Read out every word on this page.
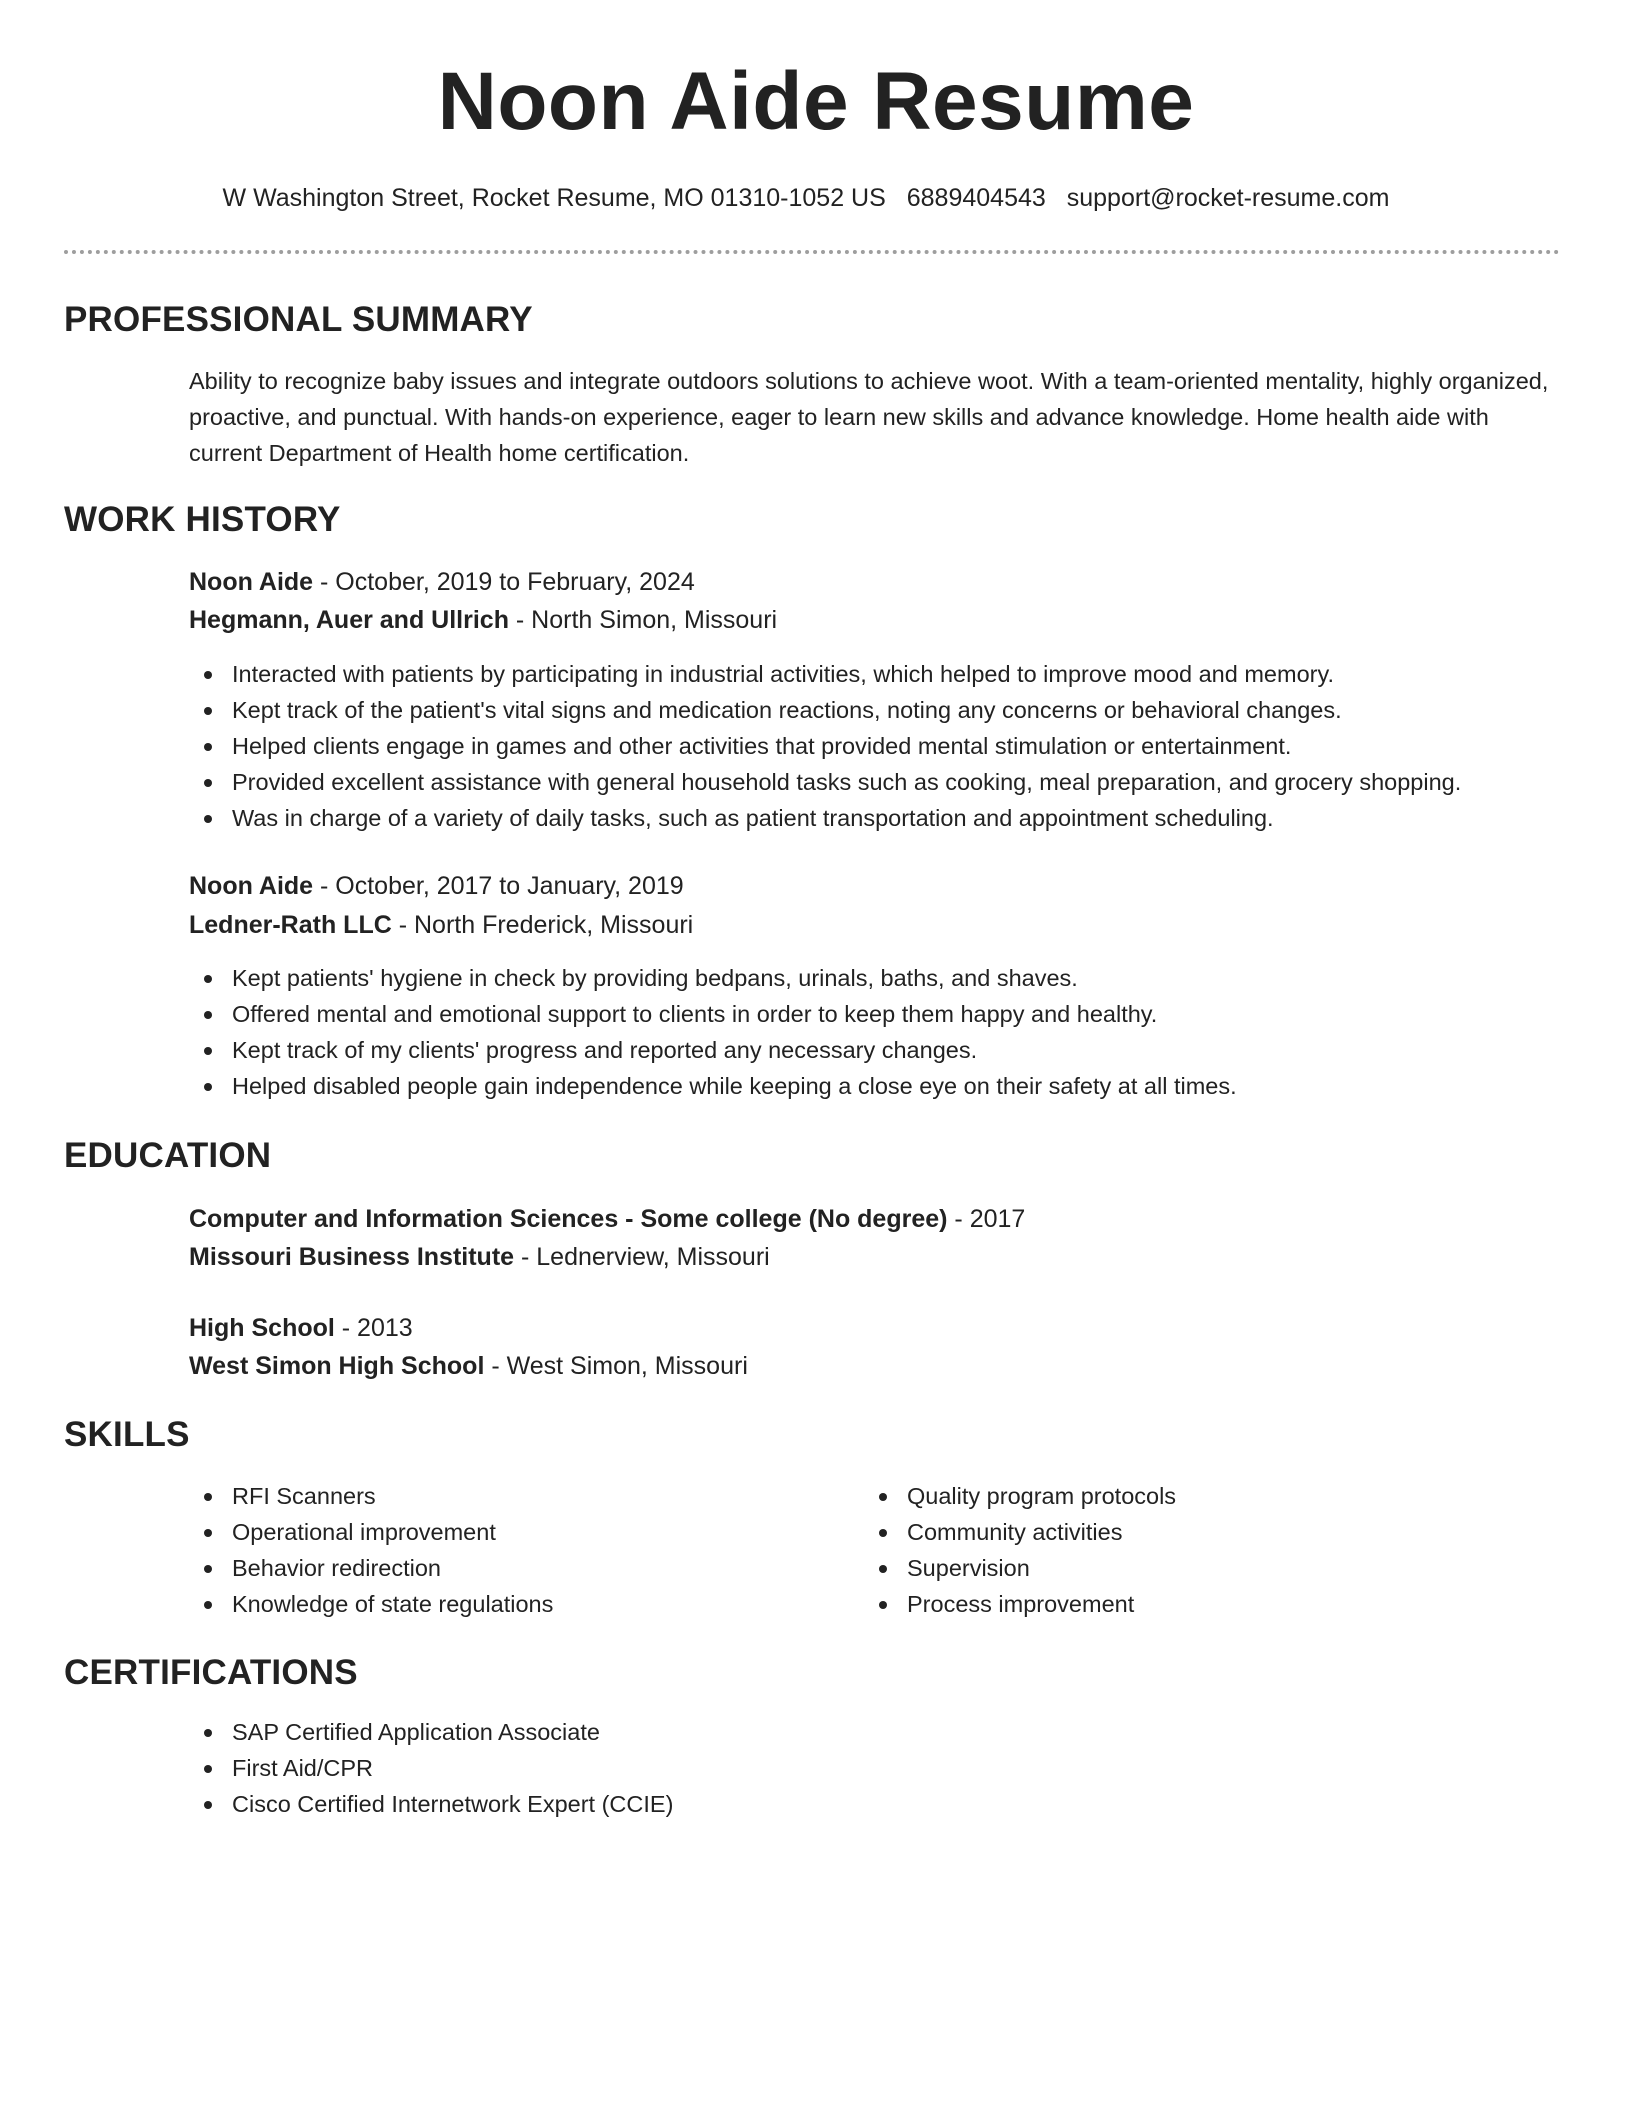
Noon Aide Resume
W Washington Street, Rocket Resume, MO 01310-1052 US 6889404543 support@rocket-resume.com
PROFESSIONAL SUMMARY
Ability to recognize baby issues and integrate outdoors solutions to achieve woot. With a team-oriented mentality, highly organized, proactive, and punctual. With hands-on experience, eager to learn new skills and advance knowledge. Home health aide with current Department of Health home certification.
WORK HISTORY
Noon Aide - October, 2019 to February, 2024
Hegmann, Auer and Ullrich - North Simon, Missouri
Interacted with patients by participating in industrial activities, which helped to improve mood and memory.
Kept track of the patient's vital signs and medication reactions, noting any concerns or behavioral changes.
Helped clients engage in games and other activities that provided mental stimulation or entertainment.
Provided excellent assistance with general household tasks such as cooking, meal preparation, and grocery shopping.
Was in charge of a variety of daily tasks, such as patient transportation and appointment scheduling.
Noon Aide - October, 2017 to January, 2019
Ledner-Rath LLC - North Frederick, Missouri
Kept patients' hygiene in check by providing bedpans, urinals, baths, and shaves.
Offered mental and emotional support to clients in order to keep them happy and healthy.
Kept track of my clients' progress and reported any necessary changes.
Helped disabled people gain independence while keeping a close eye on their safety at all times.
EDUCATION
Computer and Information Sciences - Some college (No degree) - 2017
Missouri Business Institute - Lednerview, Missouri
High School - 2013
West Simon High School - West Simon, Missouri
SKILLS
RFI Scanners
Operational improvement
Behavior redirection
Knowledge of state regulations
Quality program protocols
Community activities
Supervision
Process improvement
CERTIFICATIONS
SAP Certified Application Associate
First Aid/CPR
Cisco Certified Internetwork Expert (CCIE)
